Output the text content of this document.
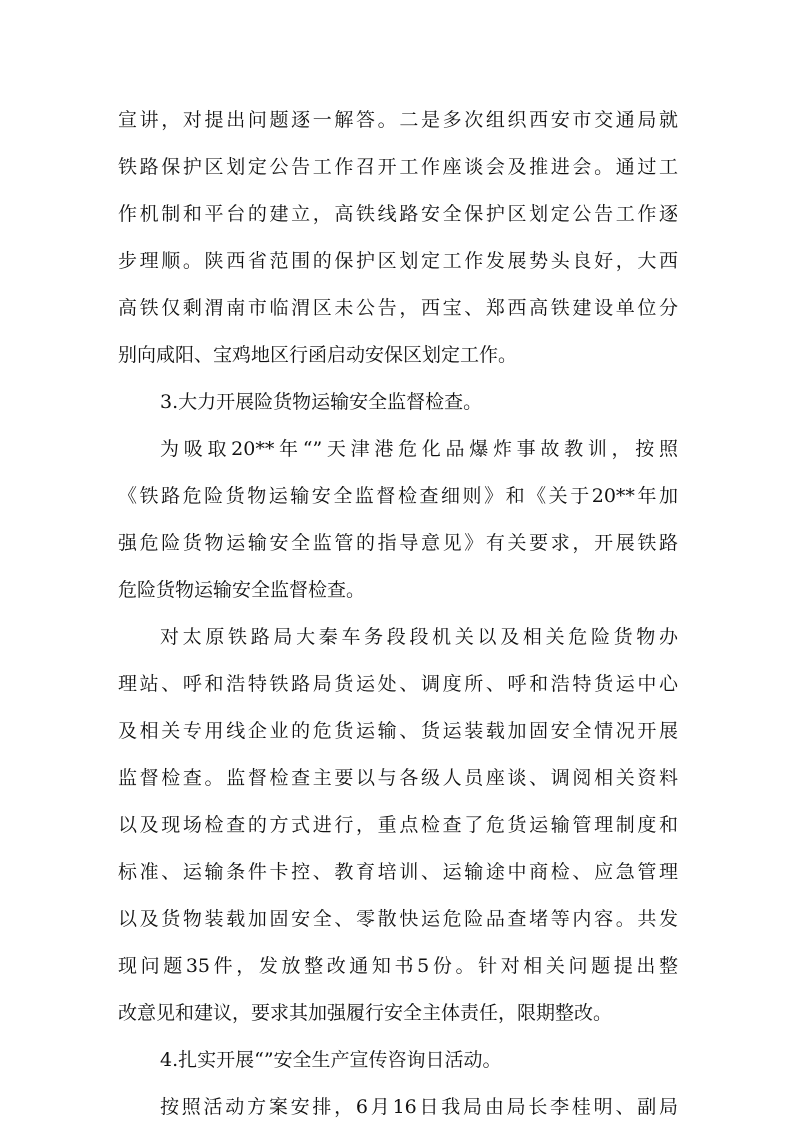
宣讲，对提出问题逐一解答。二是多次组织西安市交通局就
铁路保护区划定公告工作召开工作座谈会及推进会。通过工
作机制和平台的建立，高铁线路安全保护区划定公告工作逐
步理顺。陕西省范围的保护区划定工作发展势头良好，大西
高铁仅剩渭南市临渭区未公告，西宝、郑西高铁建设单位分
别向咸阳、宝鸡地区行函启动安保区划定工作。
3.大力开展险货物运输安全监督检查。
为吸取20**年“”天津港危化品爆炸事故教训，按照
《铁路危险货物运输安全监督检查细则》和《关于20**年加
强危险货物运输安全监管的指导意见》有关要求，开展铁路
危险货物运输安全监督检查。
对太原铁路局大秦车务段段机关以及相关危险货物办
理站、呼和浩特铁路局货运处、调度所、呼和浩特货运中心
及相关专用线企业的危货运输、货运装载加固安全情况开展
监督检查。监督检查主要以与各级人员座谈、调阅相关资料
以及现场检查的方式进行，重点检查了危货运输管理制度和
标准、运输条件卡控、教育培训、运输途中商检、应急管理
以及货物装载加固安全、零散快运危险品查堵等内容。共发
现问题35件，发放整改通知书5份。针对相关问题提出整
改意见和建议，要求其加强履行安全主体责任，限期整改。
4.扎实开展“”安全生产宣传咨询日活动。
按照活动方案安排，6月16日我局由局长李桂明、副局
